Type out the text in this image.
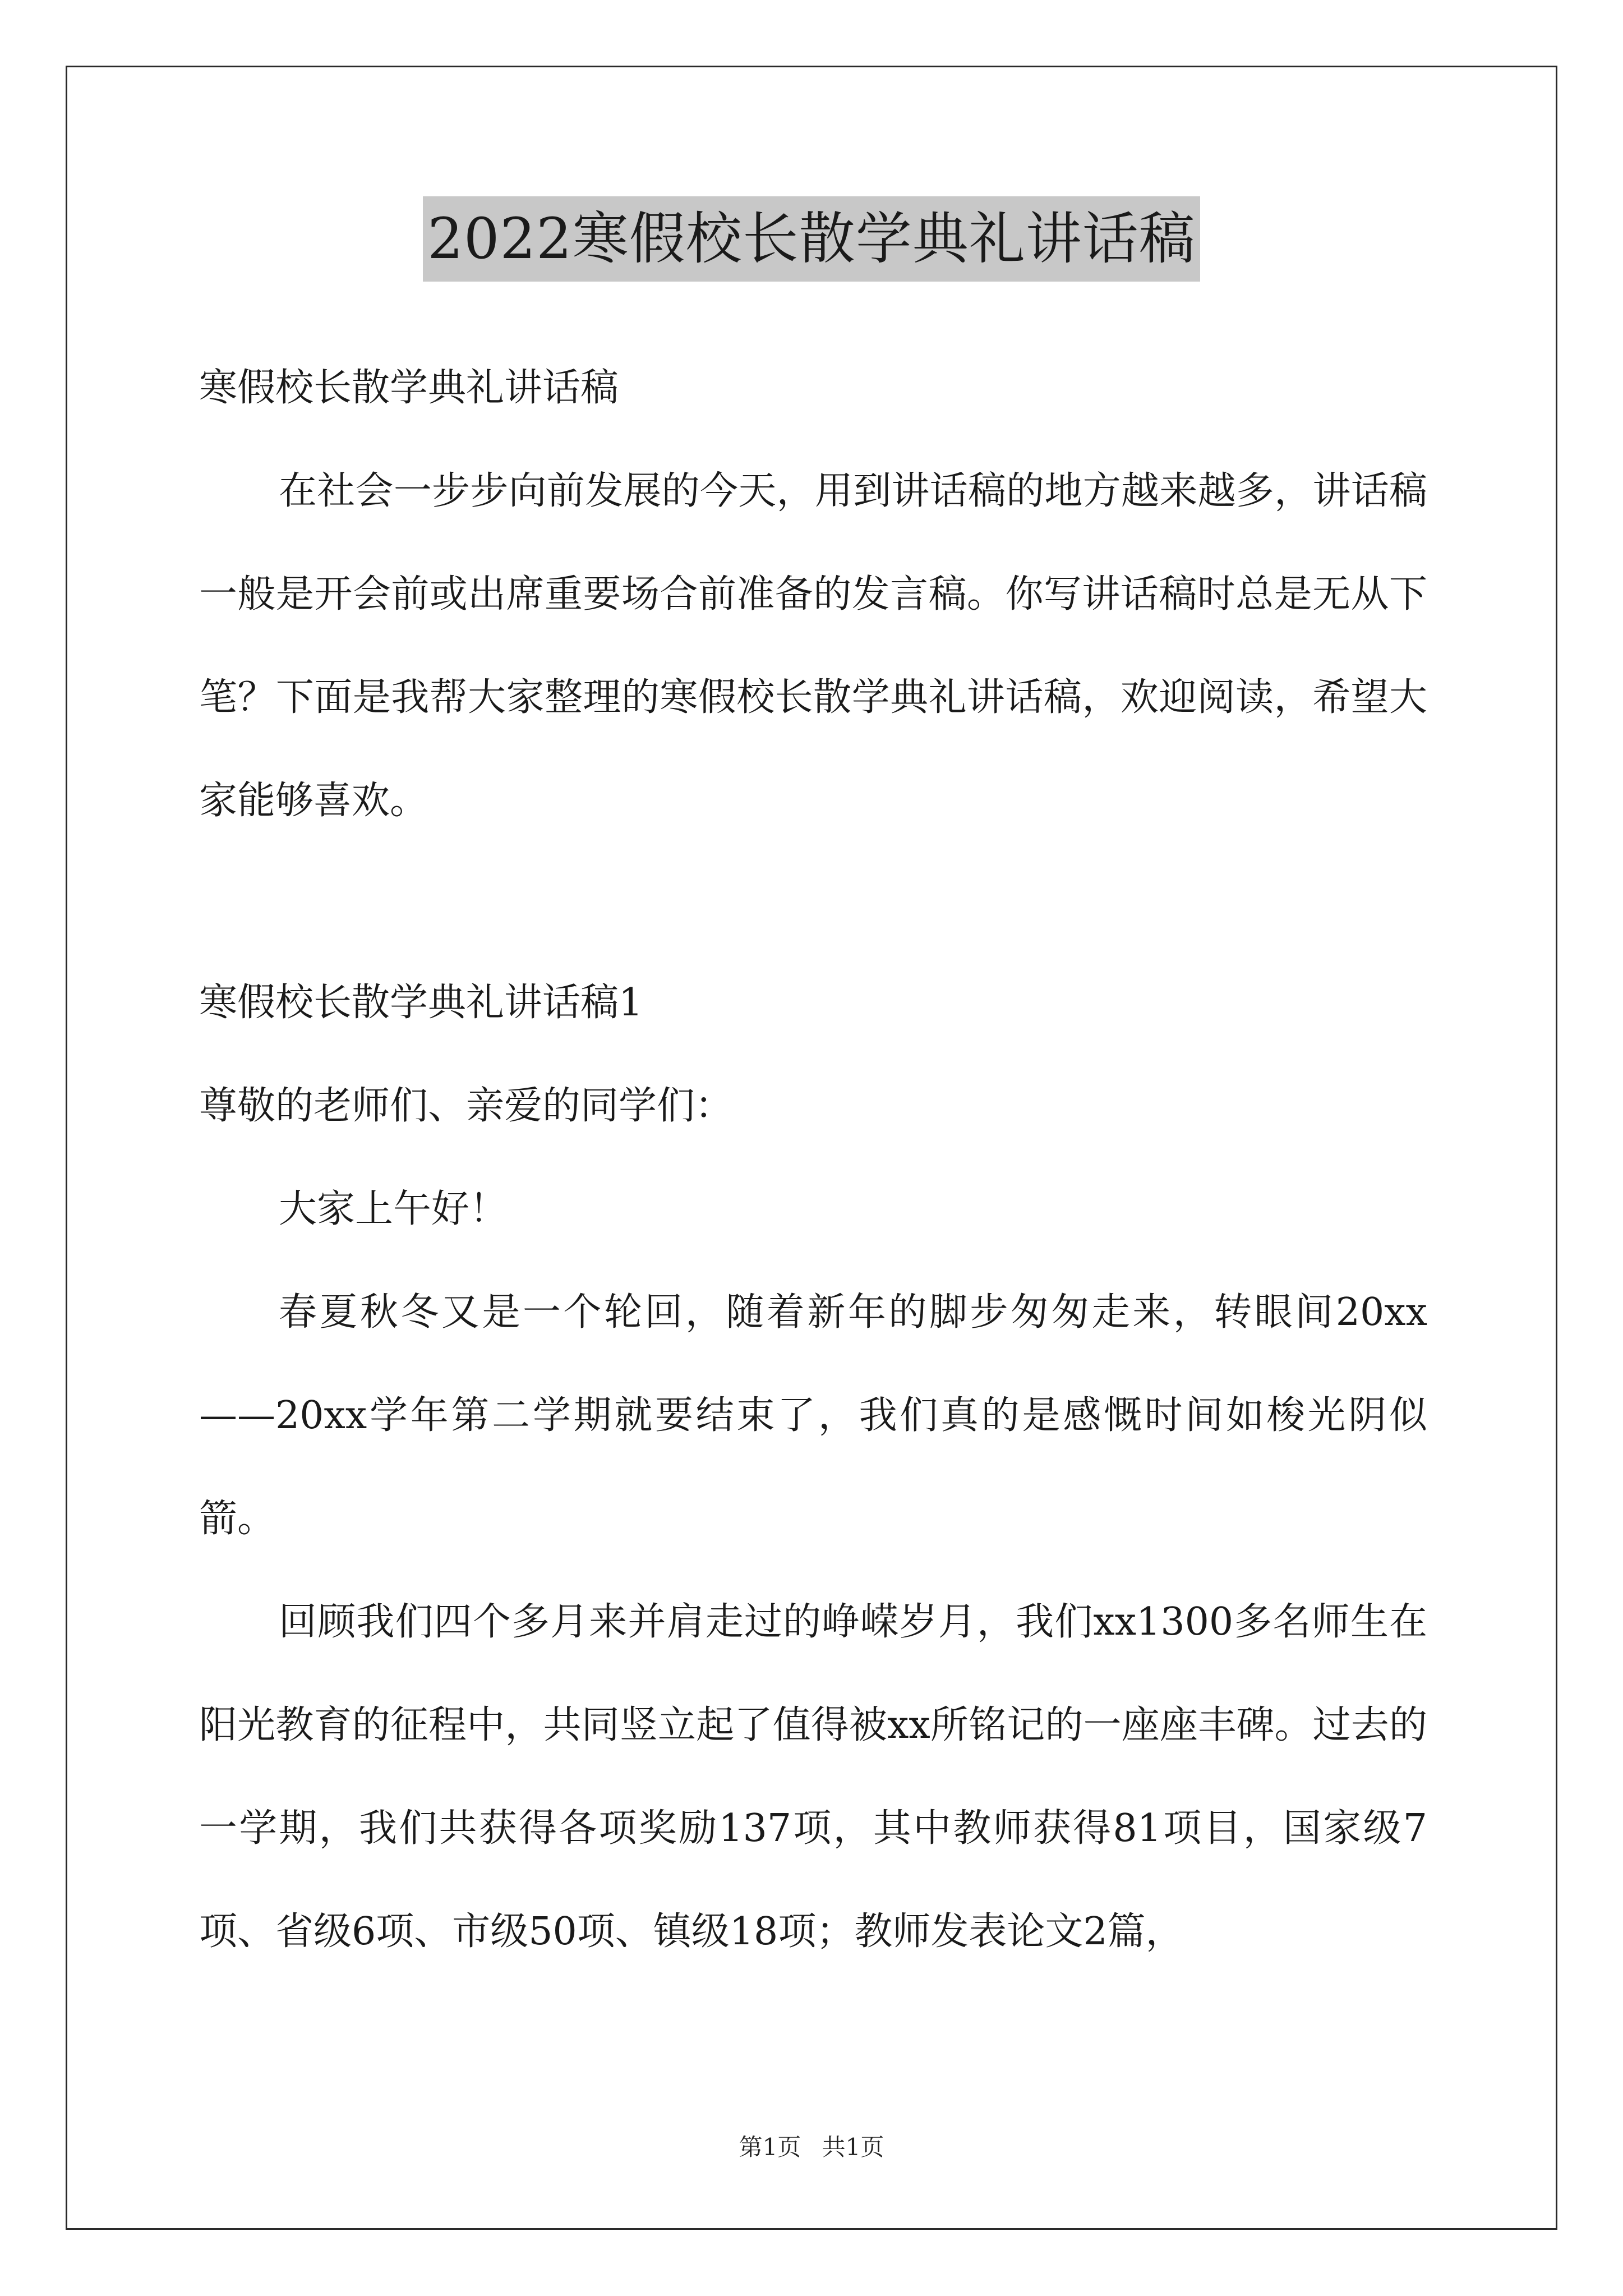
2022寒假校长散学典礼讲话稿

寒假校长散学典礼讲话稿

在社会一步步向前发展的今天，用到讲话稿的地方越来越多，讲话稿一般是开会前或出席重要场合前准备的发言稿。你写讲话稿时总是无从下笔？下面是我帮大家整理的寒假校长散学典礼讲话稿，欢迎阅读，希望大家能够喜欢。

寒假校长散学典礼讲话稿1

尊敬的老师们、亲爱的同学们：

大家上午好！

春夏秋冬又是一个轮回，随着新年的脚步匆匆走来，转眼间20xx——20xx学年第二学期就要结束了，我们真的是感慨时间如梭光阴似箭。

回顾我们四个多月来并肩走过的峥嵘岁月，我们xx1300多名师生在阳光教育的征程中，共同竖立起了值得被xx所铭记的一座座丰碑。过去的一学期，我们共获得各项奖励137项，其中教师获得81项目，国家级7项、省级6项、市级50项、镇级18项；教师发表论文2篇，

第1页 共1页
